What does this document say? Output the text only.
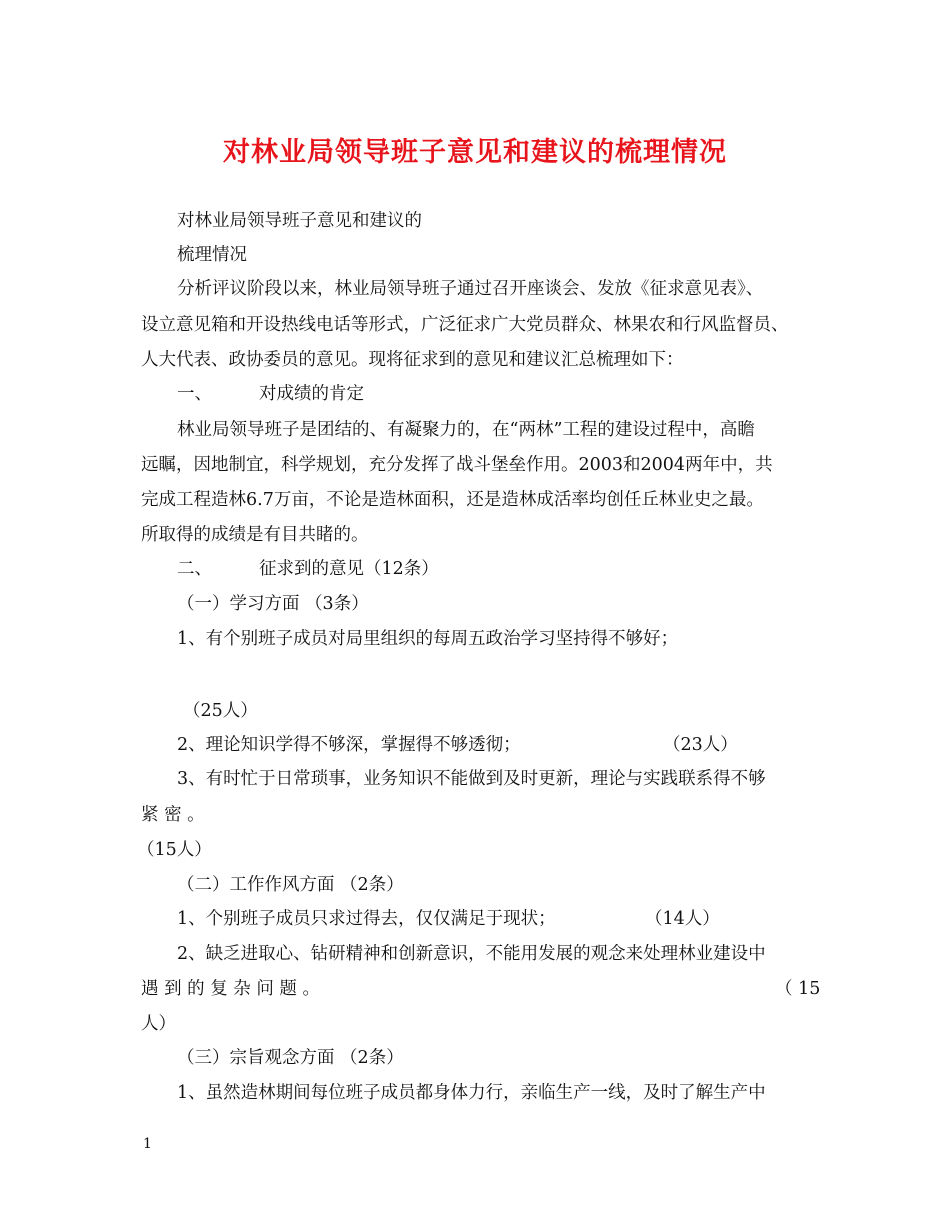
对林业局领导班子意见和建议的梳理情况
对林业局领导班子意见和建议的
梳理情况
分析评议阶段以来，林业局领导班子通过召开座谈会、发放《征求意见表》、
设立意见箱和开设热线电话等形式，广泛征求广大党员群众、林果农和行风监督员、
人大代表、政协委员的意见。现将征求到的意见和建议汇总梳理如下：
一、	对成绩的肯定
林业局领导班子是团结的、有凝聚力的，在“两林”工程的建设过程中，高瞻
远瞩，因地制宜，科学规划，充分发挥了战斗堡垒作用。2003和2004两年中，共
完成工程造林6.7万亩，不论是造林面积，还是造林成活率均创任丘林业史之最。
所取得的成绩是有目共睹的。
二、	征求到的意见（12条）
（一）学习方面 （3条）
1、有个别班子成员对局里组织的每周五政治学习坚持得不够好；
（25人）
2、理论知识学得不够深，掌握得不够透彻；	（23人）
3、有时忙于日常琐事，业务知识不能做到及时更新，理论与实践联系得不够
紧 密 。
（15人）
（二）工作作风方面 （2条）
1、个别班子成员只求过得去，仅仅满足于现状；	（14人）
2、缺乏进取心、钻研精神和创新意识，不能用发展的观念来处理林业建设中
遇 到 的 复 杂 问 题 。	（ 15
人）
（三）宗旨观念方面 （2条）
1、虽然造林期间每位班子成员都身体力行，亲临生产一线，及时了解生产中
1
